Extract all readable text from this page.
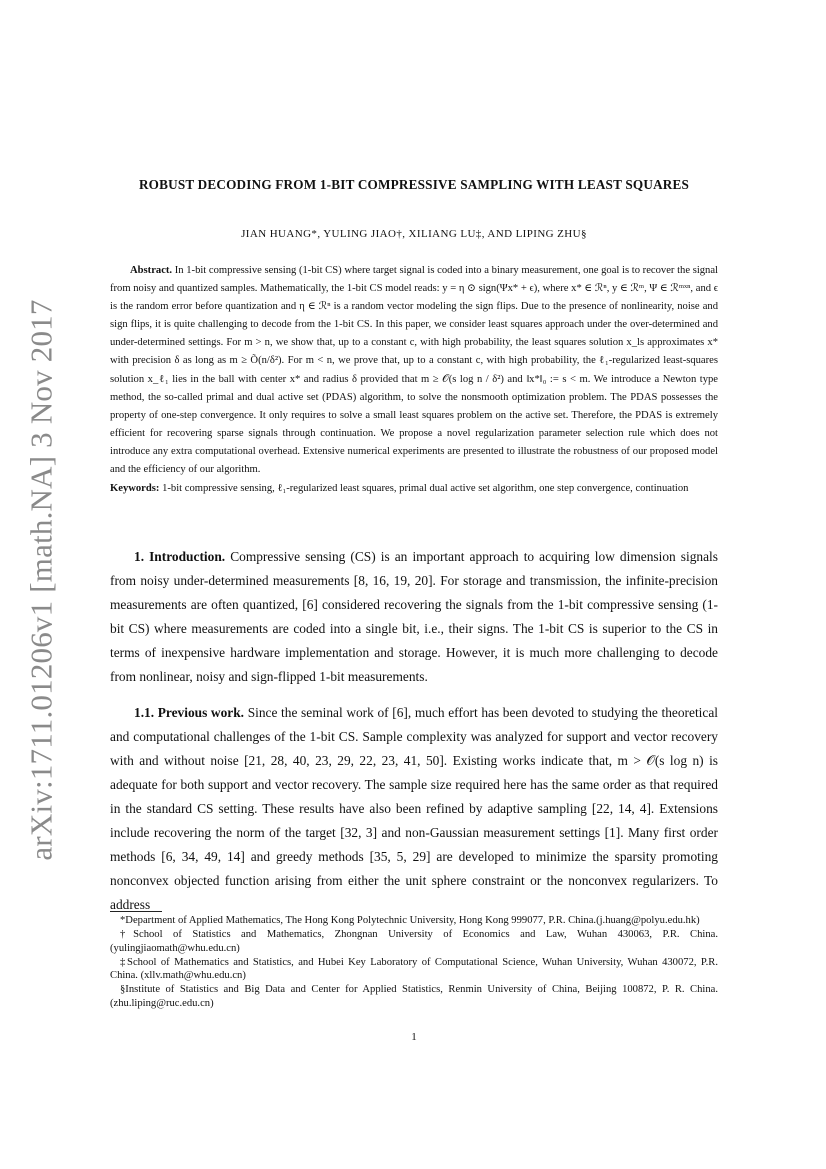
arXiv:1711.01206v1 [math.NA] 3 Nov 2017
ROBUST DECODING FROM 1-BIT COMPRESSIVE SAMPLING WITH LEAST SQUARES
JIAN HUANG*, YULING JIAO†, XILIANG LU‡, AND LIPING ZHU§

Abstract. In 1-bit compressive sensing (1-bit CS) where target signal is coded into a binary measurement, one goal is to recover the signal from noisy and quantized samples. Mathematically, the 1-bit CS model reads: y = η ⊙ sign(Ψx* + ϵ), where x* ∈ ℛⁿ, y ∈ ℛᵐ, Ψ ∈ ℛᵐˣⁿ, and ϵ is the random error before quantization and η ∈ ℛⁿ is a random vector modeling the sign flips. Due to the presence of nonlinearity, noise and sign flips, it is quite challenging to decode from the 1-bit CS. In this paper, we consider least squares approach under the over-determined and under-determined settings. For m > n, we show that, up to a constant c, with high probability, the least squares solution x_ls approximates x* with precision δ as long as m ≥ Õ(n/δ²). For m < n, we prove that, up to a constant c, with high probability, the ℓ₁-regularized least-squares solution x_ℓ₁ lies in the ball with center x* and radius δ provided that m ≥ 𝒪(s log n / δ²) and ‖x*‖₀ := s < m. We introduce a Newton type method, the so-called primal and dual active set (PDAS) algorithm, to solve the nonsmooth optimization problem. The PDAS possesses the property of one-step convergence. It only requires to solve a small least squares problem on the active set. Therefore, the PDAS is extremely efficient for recovering sparse signals through continuation. We propose a novel regularization parameter selection rule which does not introduce any extra computational overhead. Extensive numerical experiments are presented to illustrate the robustness of our proposed model and the efficiency of our algorithm.

Keywords: 1-bit compressive sensing, ℓ₁-regularized least squares, primal dual active set algorithm, one step convergence, continuation

1. Introduction. Compressive sensing (CS) is an important approach to acquiring low dimension signals from noisy under-determined measurements [8, 16, 19, 20]. For storage and transmission, the infinite-precision measurements are often quantized, [6] considered recovering the signals from the 1-bit compressive sensing (1-bit CS) where measurements are coded into a single bit, i.e., their signs. The 1-bit CS is superior to the CS in terms of inexpensive hardware implementation and storage. However, it is much more challenging to decode from nonlinear, noisy and sign-flipped 1-bit measurements.

1.1. Previous work. Since the seminal work of [6], much effort has been devoted to studying the theoretical and computational challenges of the 1-bit CS. Sample complexity was analyzed for support and vector recovery with and without noise [21, 28, 40, 23, 29, 22, 23, 41, 50]. Existing works indicate that, m > 𝒪(s log n) is adequate for both support and vector recovery. The sample size required here has the same order as that required in the standard CS setting. These results have also been refined by adaptive sampling [22, 14, 4]. Extensions include recovering the norm of the target [32, 3] and non-Gaussian measurement settings [1]. Many first order methods [6, 34, 49, 14] and greedy methods [35, 5, 29] are developed to minimize the sparsity promoting nonconvex objected function arising from either the unit sphere constraint or the nonconvex regularizers. To address

*Department of Applied Mathematics, The Hong Kong Polytechnic University, Hong Kong 999077, P.R. China.(j.huang@polyu.edu.hk)

†School of Statistics and Mathematics, Zhongnan University of Economics and Law, Wuhan 430063, P.R. China. (yulingjiaomath@whu.edu.cn)

‡School of Mathematics and Statistics, and Hubei Key Laboratory of Computational Science, Wuhan University, Wuhan 430072, P.R. China. (xllv.math@whu.edu.cn)

§Institute of Statistics and Big Data and Center for Applied Statistics, Renmin University of China, Beijing 100872, P. R. China. (zhu.liping@ruc.edu.cn)

1
